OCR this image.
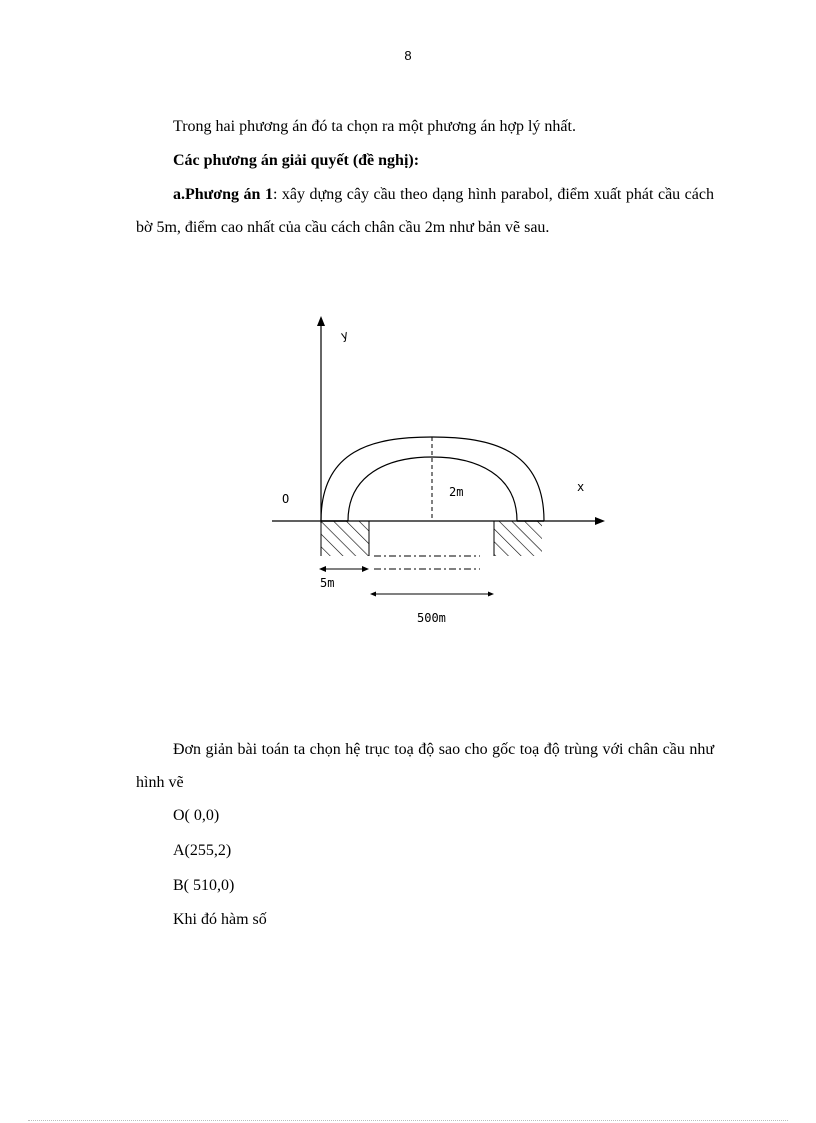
8

Trong hai phương án đó ta chọn ra một phương án hợp lý nhất.

Các phương án giải quyết (đề nghị):

a.Phương án 1: xây dựng cây cầu theo dạng hình parabol, điểm xuất phát cầu cách bờ 5m, điểm cao nhất của cầu cách chân cầu 2m như bản vẽ sau.

y
x
O	2m
5m
500m

Đơn giản bài toán ta chọn hệ trục toạ độ sao cho gốc toạ độ trùng với chân cầu như hình vẽ

O( 0,0)

A(255,2)

B( 510,0)

Khi đó hàm số
